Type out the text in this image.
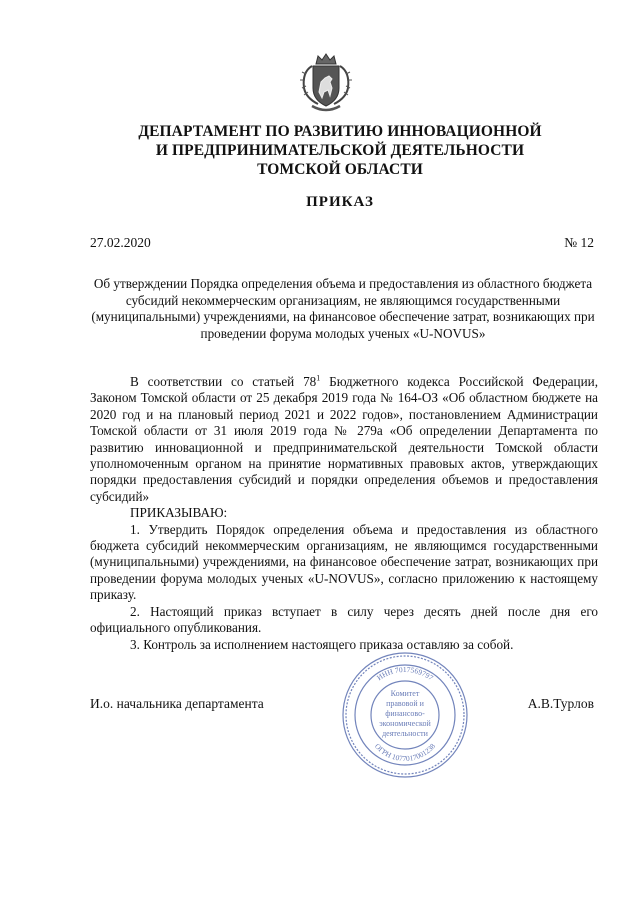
ДЕПАРТАМЕНТ ПО РАЗВИТИЮ ИННОВАЦИОННОЙ
И ПРЕДПРИНИМАТЕЛЬСКОЙ ДЕЯТЕЛЬНОСТИ
ТОМСКОЙ ОБЛАСТИ
ПРИКАЗ
27.02.2020	№ 12
Об утверждении Порядка определения объема и предоставления из областного бюджета субсидий некоммерческим организациям, не являющимся государственными (муниципальными) учреждениями, на финансовое обеспечение затрат, возникающих при проведении форума молодых ученых «U-NOVUS»

В соответствии со статьей $78^1$ Бюджетного кодекса Российской Федерации, Законом Томской области от 25 декабря 2019 года № 164-ОЗ «Об областном бюджете на 2020 год и на плановый период 2021 и 2022 годов», постановлением Администрации Томской области от 31 июля 2019 года № 279а «Об определении Департамента по развитию инновационной и предпринимательской деятельности Томской области уполномоченным органом на принятие нормативных правовых актов, утверждающих порядки предоставления субсидий и порядки определения объемов и предоставления субсидий»

ПРИКАЗЫВАЮ:

1. Утвердить Порядок определения объема и предоставления из областного бюджета субсидий некоммерческим организациям, не являющимся государственными (муниципальными) учреждениями, на финансовое обеспечение затрат, возникающих при проведении форума молодых ученых «U-NOVUS», согласно приложению к настоящему приказу.

2. Настоящий приказ вступает в силу через десять дней после дня его официального опубликования.

3. Контроль за исполнением настоящего приказа оставляю за собой.

И.о. начальника департамента	А.В.Турлов
ИНН 7017569797
ОГРН 1077017001238
Комитет
правовой и
финансово-
экономической
деятельности
